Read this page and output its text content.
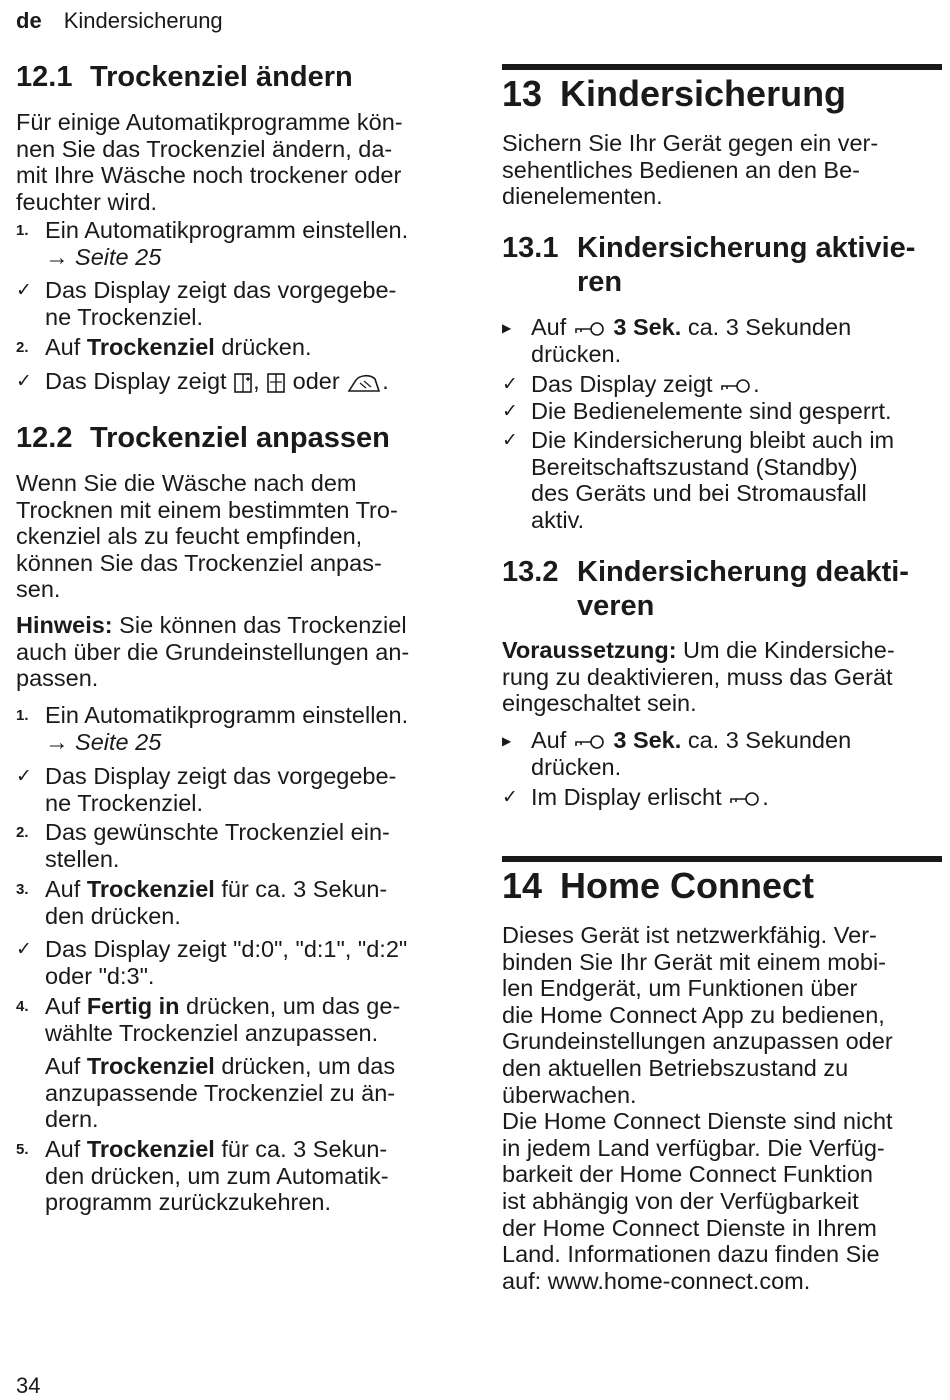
de Kindersicherung
12.1 Trockenziel ändern

Für einige Automatikprogramme kön-

nen Sie das Trockenziel ändern, da-

mit Ihre Wäsche noch trockener oder

feuchter wird.

1. Ein Automatikprogramm einstellen.
→ Seite 25
✓ Das Display zeigt das vorgegebe-
ne Trockenziel.
2. Auf Trockenziel drücken.
✓ Das Display zeigt ,  oder .
12.2 Trockenziel anpassen

Wenn Sie die Wäsche nach dem

Trocknen mit einem bestimmten Tro-

ckenziel als zu feucht empfinden,

können Sie das Trockenziel anpas-

sen.

Hinweis: Sie können das Trockenziel

auch über die Grundeinstellungen an-

passen.

1. Ein Automatikprogramm einstellen.
→ Seite 25
✓ Das Display zeigt das vorgegebe-
ne Trockenziel.
2. Das gewünschte Trockenziel ein-
stellen.
3. Auf Trockenziel für ca. 3 Sekun-
den drücken.
✓ Das Display zeigt "d:0", "d:1", "d:2"
oder "d:3".
4. Auf Fertig in drücken, um das ge-
wählte Trockenziel anzupassen.
Auf Trockenziel drücken, um das
anzupassende Trockenziel zu än-
dern.
5. Auf Trockenziel für ca. 3 Sekun-
den drücken, um zum Automatik-
programm zurückzukehren.
13 Kindersicherung

Sichern Sie Ihr Gerät gegen ein ver-

sehentliches Bedienen an den Be-

dienelementen.

13.1 Kindersicherung aktivie-
ren
▶ Auf  3 Sek. ca. 3 Sekunden
drücken.
✓ Das Display zeigt .
✓ Die Bedienelemente sind gesperrt.
✓ Die Kindersicherung bleibt auch im
Bereitschaftszustand (Standby)
des Geräts und bei Stromausfall
aktiv.
13.2 Kindersicherung deakti-
veren

Voraussetzung: Um die Kindersiche-

rung zu deaktivieren, muss das Gerät

eingeschaltet sein.

▶ Auf  3 Sek. ca. 3 Sekunden
drücken.
✓ Im Display erlischt .
14 Home Connect

Dieses Gerät ist netzwerkfähig. Ver-

binden Sie Ihr Gerät mit einem mobi-

len Endgerät, um Funktionen über

die Home Connect App zu bedienen,

Grundeinstellungen anzupassen oder

den aktuellen Betriebszustand zu

überwachen.

Die Home Connect Dienste sind nicht

in jedem Land verfügbar. Die Verfüg-

barkeit der Home Connect Funktion

ist abhängig von der Verfügbarkeit

der Home Connect Dienste in Ihrem

Land. Informationen dazu finden Sie

auf: www.home-connect.com.

34
